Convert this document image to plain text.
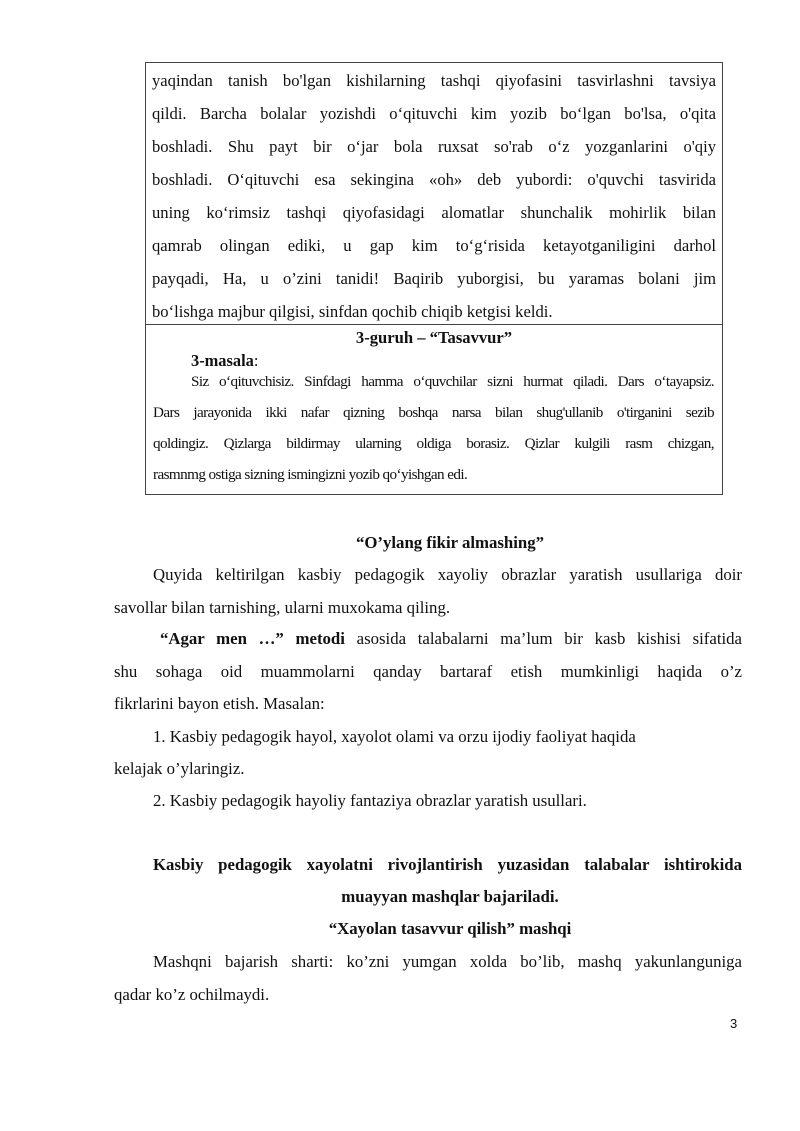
yaqindan tanish bo'lgan kishilarning tashqi qiyofasini tasvirlashni tavsiya
qildi. Barcha bolalar yozishdi o‘qituvchi kim yozib bo‘lgan bo'lsa, o'qita
boshladi. Shu payt bir o‘jar bola ruxsat so'rab o‘z yozganlarini o'qiy
boshladi. O‘qituvchi esa sekingina «oh» deb yubordi: o'quvchi tasvirida
uning ko‘rimsiz tashqi qiyofasidagi alomatlar shunchalik mohirlik bilan
qamrab olingan ediki, u gap kim to‘g‘risida ketayotganiligini darhol
payqadi, Ha, u o’zini tanidi! Baqirib yuborgisi, bu yaramas bolani jim
bo‘lishga majbur qilgisi, sinfdan qochib chiqib ketgisi keldi.
3-guruh – “Tasavvur”
3-masala:
Siz o‘qituvchisiz. Sinfdagi hamma o‘quvchilar sizni hurmat qiladi. Dars o‘tayapsiz.
Dars jarayonida ikki nafar qizning boshqa narsa bilan shug'ullanib o'tirganini sezib
qoldingiz. Qizlarga bildirmay ularning oldiga borasiz. Qizlar kulgili rasm chizgan,
rasmnmg ostiga sizning ismingizni yozib qo‘yishgan edi.
“O’ylang fikir almashing”
Quyida keltirilgan kasbiy pedagogik xayoliy obrazlar yaratish usullariga doir
savollar bilan tarnishing, ularni muxokama qiling.
“Agar men …” metodi asosida talabalarni ma’lum bir kasb kishisi sifatida
shu sohaga oid muammolarni qanday bartaraf etish mumkinligi haqida o’z
fikrlarini bayon etish. Masalan:
1. Kasbiy pedagogik hayol, xayolot olami va orzu ijodiy faoliyat haqida
kelajak o’ylaringiz.
2. Kasbiy pedagogik hayoliy fantaziya obrazlar yaratish usullari.
Kasbiy pedagogik xayolatni rivojlantirish yuzasidan talabalar ishtirokida
muayyan mashqlar bajariladi.
“Xayolan tasavvur qilish” mashqi
Mashqni bajarish sharti: ko’zni yumgan xolda bo’lib, mashq yakunlanguniga
qadar ko’z ochilmaydi.
3
